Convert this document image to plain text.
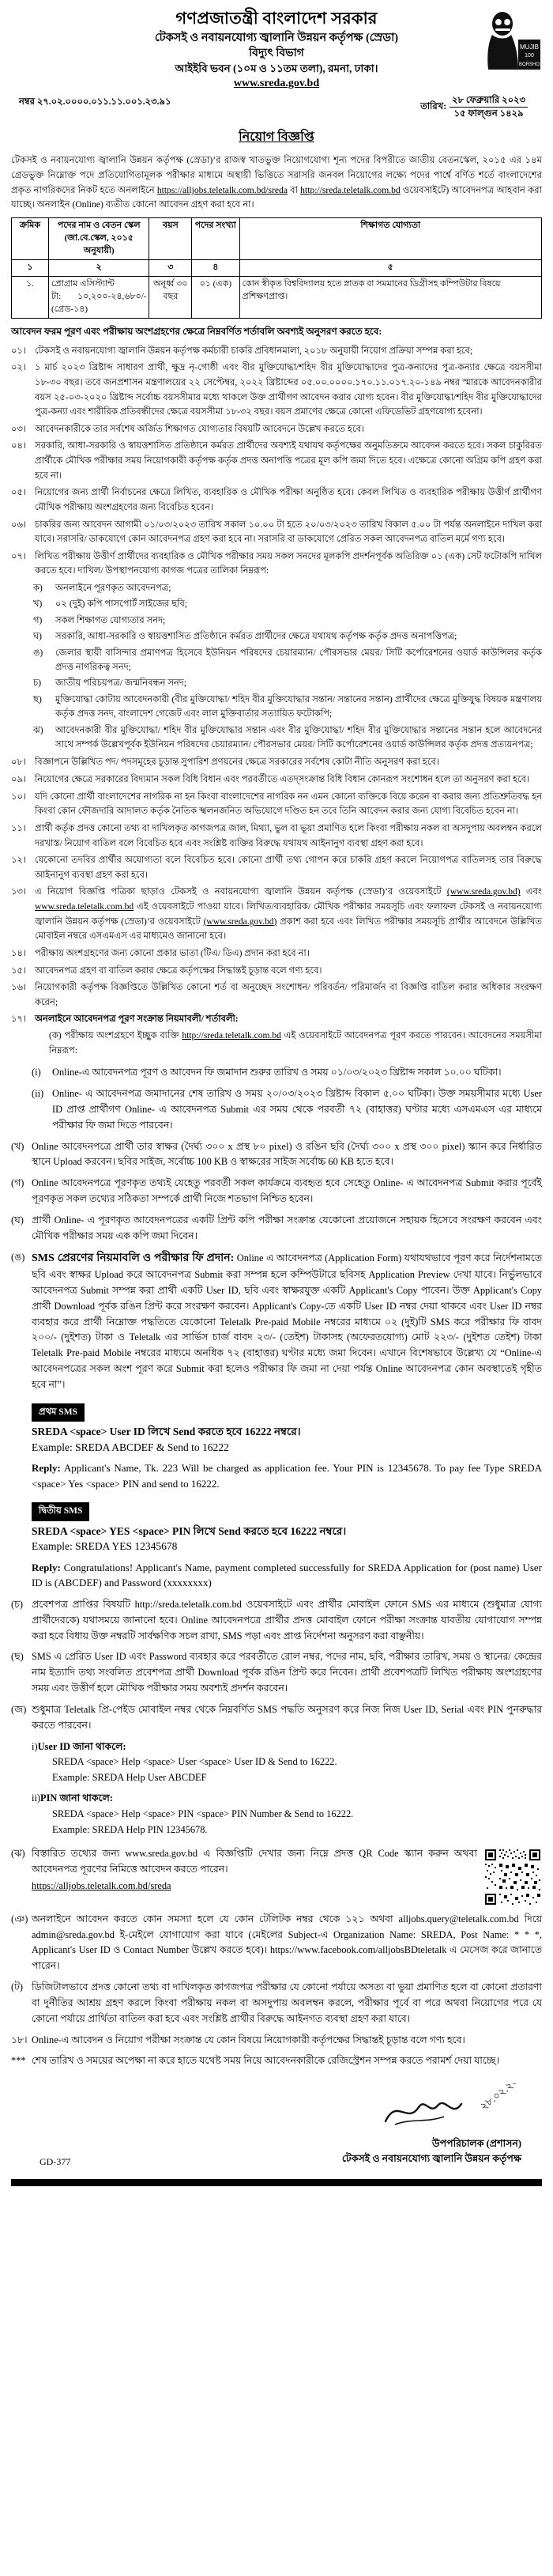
MUJIB
100
BORSHO
গণপ্রজাতন্ত্রী বাংলাদেশ সরকার
টেকসই ও নবায়নযোগ্য জ্বালানি উন্নয়ন কর্তৃপক্ষ (স্রেডা)
বিদ্যুৎ বিভাগ
আইইবি ভবন (১০ম ও ১১তম তলা), রমনা, ঢাকা।
www.sreda.gov.bd
নম্বর ২৭.০২.০০০০.০১১.১১.০০১.২৩.৯১
তারিখ:
২৮ ফেব্রুয়ারি ২০২৩
১৫ ফাল্গুন ১৪২৯
নিয়োগ বিজ্ঞপ্তি

টেকসই ও নবায়নযোগ্য জ্বালানি উন্নয়ন কর্তৃপক্ষ (স্রেডা)’র রাজস্ব খাতভুক্ত নিয়োগযোগ্য শূন্য পদের বিপরীতে জাতীয় বেতনস্কেল, ২০১৫ এর ১৪ম গ্রেডভুক্ত নিম্নোক্ত পদে প্রতিযোগিতামূলক পরীক্ষার মাধ্যমে অস্থায়ী ভিত্তিতে সরাসরি জনবল নিয়োগের লক্ষ্যে পদের পার্শ্বে বর্ণিত শর্তে বাংলাদেশের প্রকৃত নাগরিকদের নিকট হতে অনলাইনে https://alljobs.teletalk.com.bd/sreda বা http://sreda.teletalk.com.bd ওয়েবসাইটে) আবেদনপত্র আহবান করা যাচ্ছে। অনলাইন (Online) ব্যতীত কোনো আবেদন গ্রহণ করা হবে না।

ক্রমিক	পদের নাম ও বেতন স্কেল (জা.বে.স্কেল, ২০১৫ অনুযায়ী)	বয়স	পদের সংখ্যা	শিক্ষাগত যোগ্যতা
১	২	৩	৪	৫
১.	প্রোগ্রাম এসিস্ট্যান্ট
টা: ১০,২০০-২৪,৬৮০/-
(গ্রেড-১৪)	অনূর্ধ্ব ৩০ বছর	০১ (এক)	কোন স্বীকৃত বিশ্ববিদ্যালয় হতে স্নাতক বা সমমানের ডিগ্রীসহ কম্পিউটার বিষয়ে প্রশিক্ষণপ্রাপ্ত।
আবেদন ফরম পূরণ এবং পরীক্ষায় অংশগ্রহণের ক্ষেত্রে নিম্নবর্ণিত শর্তাবলি অবশ্যই অনুসরণ করতে হবে:
০১। টেকসই ও নবায়নযোগ্য জ্বালানি উন্নয়ন কর্তৃপক্ষ কর্মচারী চাকরি প্রবিধানমালা, ২০১৮ অনুযায়ী নিয়োগ প্রক্রিয়া সম্পন্ন করা হবে;
০২। ১ মার্চ ২০২৩ খ্রিষ্টাব্দ সাধারণ প্রার্থী, ক্ষুদ্র নৃ-গোষ্ঠী এবং বীর মুক্তিযোদ্ধা/শহিদ বীর মুক্তিযোদ্ধাদের পুত্র-কন্যাদের পুত্র-কন্যার ক্ষেত্রে বয়সসীমা ১৮-৩০ বছর। তবে জনপ্রশাসন মন্ত্রণালয়ের ২২ সেপ্টেম্বর, ২০২২ খ্রিষ্টাব্দের ০৫.০০.০০০০.১৭০.১১.০১৭.২০-১৪৯ নম্বর স্মারকে আবেদনকারীর বয়স ২৫-০৩-২০২০ খ্রিষ্টাব্দ সর্বোচ্চ বয়সসীমার মধ্যে থাকলে উক্ত প্রার্থীগণ আবেদন করার যোগ্য হবেন। বীর মুক্তিযোদ্ধা/শহিদ বীর মুক্তিযোদ্ধাদের পুত্র-কন্যা এবং শারীরিক প্রতিবন্ধীদের ক্ষেত্রে বয়সসীমা ১৮-৩২ বছর। বয়স প্রমাণের ক্ষেত্রে কোনো এফিডেভিট গ্রহণযোগ্য হবেনা।
০৩। আবেদনকারীকে তার সর্বশেষ অর্জিত শিক্ষাগত যোগ্যতার বিষয়টি আবেদনে উল্লেখ করতে হবে।
০৪। সরকারি, আধা-সরকারি ও স্বায়ত্তশাসিত প্রতিষ্ঠানে কর্মরত প্রার্থীদের অবশ্যই যথাযথ কর্তৃপক্ষের অনুমতিক্রমে আবেদন করতে হবে। সকল চাকুরিরত প্রার্থীকে মৌখিক পরীক্ষার সময় নিয়োগকারী কর্তৃপক্ষ কর্তৃক প্রদত্ত অনাপত্তি পত্রের মূল কপি জমা দিতে হবে। এক্ষেত্রে কোনো অগ্রিম কপি গ্রহণ করা হবে না।
০৫। নিয়োগের জন্য প্রার্থী নির্বাচনের ক্ষেত্রে লিখিত, ব্যবহারিক ও মৌখিক পরীক্ষা অনুষ্ঠিত হবে। কেবল লিখিত ও ব্যবহারিক পরীক্ষায় উত্তীর্ণ প্রার্থীগণ মৌখিক পরীক্ষায় অংশগ্রহণের জন্য বিবেচিত হবেন।
০৬। চাকরির জন্য আবেদন আগামী ০১/০৩/২০২৩ তারিখ সকাল ১০.০০ টা হতে ২০/০৩/২০২৩ তারিখ বিকাল ৫.০০ টা পর্যন্ত অনলাইনে দাখিল করা যাবে। সরাসরি/ ডাকযোগে কোন আবেদনপত্র গ্রহণ করা হবে না। সরাসরি বা ডাকযোগে প্রেরিত সকল আবেদনপত্র বাতিল মর্মে গণ্য হবে।
০৭। লিখিত পরীক্ষায় উত্তীর্ণ প্রার্থীদের ব্যবহারিক ও মৌখিক পরীক্ষার সময় সকল সনদের মূলকপি প্রদর্শনপূর্বক অতিরিক্ত ০১ (এক) সেট ফটোকপি দাখিল করতে হবে। দাখিল/ উপস্থাপনযোগ্য কাগজ পত্রের তালিকা নিম্নরূপ:
ক)	অনলাইনে পূরণকৃত আবেদনপত্র;
খ)	০২ (দুই) কপি পাসপোর্ট সাইজের ছবি;
গ)	সকল শিক্ষাগত যোগ্যতার সনদ;
ঘ)	সরকারি, আধা-সরকারি ও স্বায়ত্তশাসিত প্রতিষ্ঠানে কর্মরত প্রার্থীদের ক্ষেত্রে যথাযথ কর্তৃপক্ষ কর্তৃক প্রদত্ত অনাপত্তিপত্র;
ঙ)	জেলার স্থায়ী বাসিন্দার প্রমাণপত্র হিসেবে ইউনিয়ন পরিষদের চেয়ারম্যান/ পৌরসভার মেয়র/ সিটি কর্পোরেশনের ওয়ার্ড কাউন্সিলর কর্তৃক প্রদত্ত নাগরিকত্ব সনদ;
চ)	জাতীয় পরিচয়পত্র/ জন্মনিবন্ধন সনদ;
ছ)	মুক্তিযোদ্ধা কোটায় আবেদনকারী (বীর মুক্তিযোদ্ধা/ শহিদ বীর মুক্তিযোদ্ধার সন্তান/ সন্তানের সন্তান) প্রার্থীদের ক্ষেত্রে মুক্তিযুদ্ধ বিষয়ক মন্ত্রণালয় কর্তৃক প্রদত্ত সনদ, বাংলাদেশ গেজেট এবং লাল মুক্তিবার্তার সত্যায়িত ফটোকপি;
ঝ)	আবেদনকারী বীর মুক্তিযোদ্ধা/ শহিদ বীর মুক্তিযোদ্ধার সন্তান এবং বীর মুক্তিযোদ্ধা/ শহিদ বীর মুক্তিযোদ্ধার সন্তানের সন্তান হলে আবেদনের সাথে সম্পর্ক উল্লেখপূর্বক ইউনিয়ন পরিষদের চেয়ারম্যান/ পৌরসভার মেয়র/ সিটি কর্পোরেশনের ওয়ার্ড কাউন্সিলর কর্তৃক প্রদত্ত প্রত্যয়নপত্র;
০৮। বিজ্ঞাপনে উল্লিখিত পদ/ পদসমূহের চূড়ান্ত সুপারিশ প্রণয়নের ক্ষেত্রে সরকারের সর্বশেষ কোটা নীতি অনুসরণ করা হবে।
০৯। নিয়োগের ক্ষেত্রে সরকারের বিদ্যমান সকল বিধি বিধান এবং পরবর্তীতে এতদ্‌সংক্রান্ত বিধি বিধান কোনরূপ সংশোধন হলে তা অনুসরণ করা হবে।
১০। যদি কোনো প্রার্থী বাংলাদেশের নাগরিক না হন কিংবা বাংলাদেশের নাগরিক নন এমন কোনো ব্যক্তিকে বিয়ে করেন বা করার জন্য প্রতিশ্রুতিবদ্ধ হন কিংবা কোন ফৌজদারি আদালত কর্তৃক নৈতিক স্খলনজনিত অভিযোগে দণ্ডিত হন তবে তিনি আবেদন করার জন্য যোগ্য বিবেচিত হবেন না।
১১। প্রার্থী কর্তৃক প্রদত্ত কোনো তথ্য বা দাখিলকৃত কাগজপত্র জাল, মিথ্যা, ভুল বা ভূয়া প্রমাণিত হলে কিংবা পরীক্ষায় নকল বা অসদুপায় অবলম্বন করলে দরখাস্ত/ নিয়োগ বাতিল বলে বিবেচিত হবে এবং সংশ্লিষ্ট ব্যক্তির বিরুদ্ধে যথাযথ আইনানুগ ব্যবস্থা গ্রহণ করা হবে।
১২। যেকোনো তদবির প্রার্থীর অযোগ্যতা বলে বিবেচিত হবে। কোনো প্রার্থী তথ্য গোপন করে চাকরি গ্রহণ করলে নিয়োগপত্র বাতিলসহ তার বিরুদ্ধে আইনানুগ ব্যবস্থা গ্রহণ করা হবে।
১৩। এ নিয়োগ বিজ্ঞপ্তি পত্রিকা ছাড়াও টেকসই ও নবায়নযোগ্য জ্বালানি উন্নয়ন কর্তৃপক্ষ (স্রেডা)’র ওয়েবসাইটে (www.sreda.gov.bd) এবং www.sreda.teletalk.com.bd এই ওয়েবসাইটে পাওয়া যাবে। লিখিত/ব্যবহারিক/ মৌখিক পরীক্ষার সময়সূচি এবং ফলাফল টেকসই ও নবায়নযোগ্য জ্বালানি উন্নয়ন কর্তৃপক্ষ (স্রেডা)’র ওয়েবসাইটে (www.sreda.gov.bd) প্রকাশ করা হবে এবং লিখিত পরীক্ষার সময়সূচি প্রার্থীর আবেদনে উল্লিখিত মোবাইল নম্বরে এসএমএস এর মাধ্যমেও জানানো হবে।
১৪। পরীক্ষায় অংশগ্রহণের জন্য কোনো প্রকার ভাতা (টিএ/ ডিএ) প্রদান করা হবে না।
১৫। আবেদনপত্র গ্রহণ বা বাতিল করার ক্ষেত্রে কর্তৃপক্ষের সিদ্ধান্তই চূড়ান্ত বলে গণ্য হবে।
১৬। নিয়োগকারী কর্তৃপক্ষ বিজ্ঞপ্তিতে উল্লিখিত কোনো শর্ত বা অনুচ্ছেদ সংশোধন/ পরিবর্তন/ পরিমার্জন বা বিজ্ঞপ্তি বাতিল করার অধিকার সংরক্ষণ করেন;
১৭। অনলাইনে আবেদনপত্র পূরণ সংক্রান্ত নিয়মাবলী/ শর্তাবলী:
(ক) পরীক্ষায় অংশগ্রহণে ইচ্ছুক ব্যক্তি http://sreda.teletalk.com.bd এই ওয়েবসাইটে আবেদনপত্র পূরণ করতে পারবেন। আবেদনের সময়সীমা নিম্নরূপ:
(i)	Online-এ আবেদনপত্র পূরণ ও আবেদন ফি জমাদান শুরুর তারিখ ও সময় ০১/০৩/২০২৩ খ্রিষ্টাব্দ সকাল ১০.০০ ঘটিকা।
(ii) Online- এ আবেদনপত্র জমাদানের শেষ তারিখ ও সময় ২০/০৩/২০২৩ খ্রিষ্টাব্দ বিকাল ৫.০০ ঘটিকা। উক্ত সময়সীমার মধ্যে User ID প্রাপ্ত প্রার্থীগণ Online- এ আবেদনপত্র Submit এর সময় থেকে পরবর্তী ৭২ (বাহাত্তর) ঘণ্টার মধ্যে এসএমএস এর মাধ্যমে পরীক্ষার ফি জমা দিতে পারবেন।
(খ) Online আবেদনপত্রে প্রার্থী তার স্বাক্ষর (দৈর্ঘ্য ৩০০ x প্রস্থ ৮০ pixel) ও রঙিন ছবি (দৈর্ঘ্য ৩০০ x প্রস্থ ৩০০ pixel) স্ক্যান করে নির্ধারিত স্থানে Upload করবেন। ছবির সাইজ, সর্বোচ্চ 100 KB ও স্বাক্ষরের সাইজ সর্বোচ্চ 60 KB হতে হবে।
(গ) Online আবেদনপত্রে পূরণকৃত তথ্যই যেহেতু পরবর্তী সকল কার্যক্রমে ব্যবহৃত হবে সেহেতু Online- এ আবেদনপত্র Submit করার পূর্বেই পূরণকৃত সকল তথ্যের সঠিকতা সম্পর্কে প্রার্থী নিজে শতভাগ নিশ্চিত হবেন।
(ঘ) প্রার্থী Online- এ পূরণকৃত আবেদনপত্রের একটি প্রিন্ট কপি পরীক্ষা সংক্রান্ত যেকোনো প্রয়োজনে সহায়ক হিসেবে সংরক্ষণ করবেন এবং মৌখিক পরীক্ষার সময় এক কপি জমা দিবেন।
(ঙ) SMS প্রেরণের নিয়মাবলি ও পরীক্ষার ফি প্রদান: Online এ আবেদনপত্র (Application Form) যথাযথভাবে পূরণ করে নির্দেশনামতে ছবি এবং স্বাক্ষর Upload করে আবেদনপত্র Submit করা সম্পন্ন হলে কম্পিউটারে ছবিসহ Application Preview দেখা যাবে। নির্ভুলভাবে আবেদনপত্র Submit সম্পন্ন করা প্রার্থী একটি User ID, ছবি এবং স্বাক্ষরযুক্ত একটি Applicant's Copy পাবেন। উক্ত Applicant's Copy প্রার্থী Download পূর্বক রঙিন প্রিন্ট করে সংরক্ষণ করবেন। Applicant's Copy-তে একটি User ID নম্বর দেয়া থাকবে এবং User ID নম্বর ব্যবহার করে প্রার্থী নিম্নোক্ত পদ্ধতিতে যেকোনো Teletalk Pre-paid Mobile নম্বরের মাধ্যমে ০২ (দুই)টি SMS করে পরীক্ষার ফি বাবদ ২০০/- (দুইশত) টাকা ও Teletalk এর সার্ভিস চার্জ বাবদ ২৩/- (তেইশ) টাকাসহ (অফেরতযোগ্য) মোট ২২৩/- (দুইশত তেইশ) টাকা Teletalk Pre-paid Mobile নম্বরের মাধ্যমে অনধিক ৭২ (বাহাত্তর) ঘণ্টার মধ্যে জমা দিবেন। এখানে বিশেষভাবে উল্লেখ্য যে “Online-এ আবেদনপত্রের সকল অংশ পূরণ করে Submit করা হলেও পরীক্ষার ফি জমা না দেয়া পর্যন্ত Online আবেদনপত্র কোন অবস্থাতেই গৃহীত হবে না”।
প্রথম SMS
SREDA <space> User ID লিখে Send করতে হবে 16222 নম্বরে।
Example: SREDA ABCDEF & Send to 16222
Reply: Applicant's Name, Tk. 223 Will be charged as application fee. Your PIN is 12345678. To pay fee Type SREDA <space> Yes <space> PIN and send to 16222.
দ্বিতীয় SMS
SREDA <space> YES <space> PIN লিখে Send করতে হবে 16222 নম্বরে।
Example: SREDA YES 12345678
Reply: Congratulations! Applicant's Name, payment completed successfully for SREDA Application for (post name) User ID is (ABCDEF) and Password (xxxxxxxx)
(চ) প্রবেশপত্র প্রাপ্তির বিষয়টি http://sreda.teletalk.com.bd ওয়েবসাইটে এবং প্রার্থীর মোবাইল ফোনে SMS এর মাধ্যমে (শুধুমাত্র যোগ্য প্রার্থীদেরকে) যথাসময়ে জানানো হবে। Online আবেদনপত্রে প্রার্থীর প্রদত্ত মোবাইল ফোনে পরীক্ষা সংক্রান্ত যাবতীয় যোগাযোগ সম্পন্ন করা হবে বিধায় উক্ত নম্বরটি সার্বক্ষণিক সচল রাখা, SMS পড়া এবং প্রাপ্ত নির্দেশনা অনুসরণ করা বাঞ্ছনীয়।
(ছ) SMS এ প্রেরিত User ID এবং Password ব্যবহার করে পরবর্তীতে রোল নম্বর, পদের নাম, ছবি, পরীক্ষার তারিখ, সময় ও স্থানের/ কেন্দ্রের নাম ইত্যাদি তথ্য সংবলিত প্রবেশপত্র প্রার্থী Download পূর্বক রঙিন প্রিন্ট করে নিবেন। প্রার্থী প্রবেশপত্রটি লিখিত পরীক্ষায় অংশগ্রহণের সময় এবং উত্তীর্ণ হলে মৌখিক পরীক্ষার সময় অবশ্যই প্রদর্শন করবেন।
(জ) শুধুমাত্র Teletalk প্রি-পেইড মোবাইল নম্বর থেকে নিম্নবর্ণিত SMS পদ্ধতি অনুসরণ করে নিজ নিজ User ID, Serial এবং PIN পুনরুদ্ধার করতে পারবেন।
i) User ID জানা থাকলে:
SREDA <space> Help <space> User <space> User ID & Send to 16222.
Example: SREDA Help User ABCDEF
ii) PIN জানা থাকলে:
SREDA <space> Help <space> PIN <space> PIN Number & Send to 16222.
Example: SREDA Help PIN 12345678.
(ঝ) বিস্তারিত তথ্যের জন্য www.sreda.gov.bd এ বিজ্ঞপ্তিটি দেখার জন্য নিম্নে প্রদত্ত QR Code স্ক্যান করুন অথবা আবেদনপত্র পূরণের নিমিত্তে আবেদন করতে পারেন।
https://alljobs.teletalk.com.bd/sreda
(ঞ) অনলাইনে আবেদন করতে কোন সমস্যা হলে যে কোন টেলিটক নম্বর থেকে ১২১ অথবা alljobs.query@teletalk.com.bd দিয়ে admin@sreda.gov.bd ই-মেইলে যোগাযোগ করা যাবে (মেইলের Subject-এ Organization Name: SREDA, Post Name: * * *, Applicant's User ID ও Contact Number উল্লেখ করতে হবে)। https://www.facebook.com/alljobsBDteletalk এ মেসেজ করে জানাতে পারেন।
(ট) ডিজিটালভাবে প্রদত্ত কোনো তথ্য বা দাখিলকৃত কাগজপত্র পরীক্ষার যে কোনো পর্যায়ে অসত্য বা ভুয়া প্রমাণিত হলে বা কোনো প্রতারণা বা দুর্নীতির আশ্রয় গ্রহণ করলে কিংবা পরীক্ষায় নকল বা অসদুপায় অবলম্বন করলে, পরীক্ষার পূর্বে বা পরে অথবা নিয়োগের পরে যে কোনো পর্যায়ে প্রার্থিতা বাতিল করা হবে এবং সংশ্লিষ্ট প্রার্থীর বিরুদ্ধে আইনগত ব্যবস্থা গ্রহণ করা যাবে।
১৮। Online-এ আবেদন ও নিয়োগ পরীক্ষা সংক্রান্ত যে কোন বিষয়ে নিয়োগকারী কর্তৃপক্ষের সিদ্ধান্তই চূড়ান্ত বলে গণ্য হবে।
*** শেষ তারিখ ও সময়ের অপেক্ষা না করে হাতে যথেষ্ট সময় নিয়ে আবেদনকারীকে রেজিস্ট্রেশন সম্পন্ন করতে পরামর্শ দেয়া যাচ্ছে।
২৮.০২.২৩
উপপরিচালক (প্রশাসন)
GD-377	টেকসই ও নবায়নযোগ্য জ্বালানি উন্নয়ন কর্তৃপক্ষ
